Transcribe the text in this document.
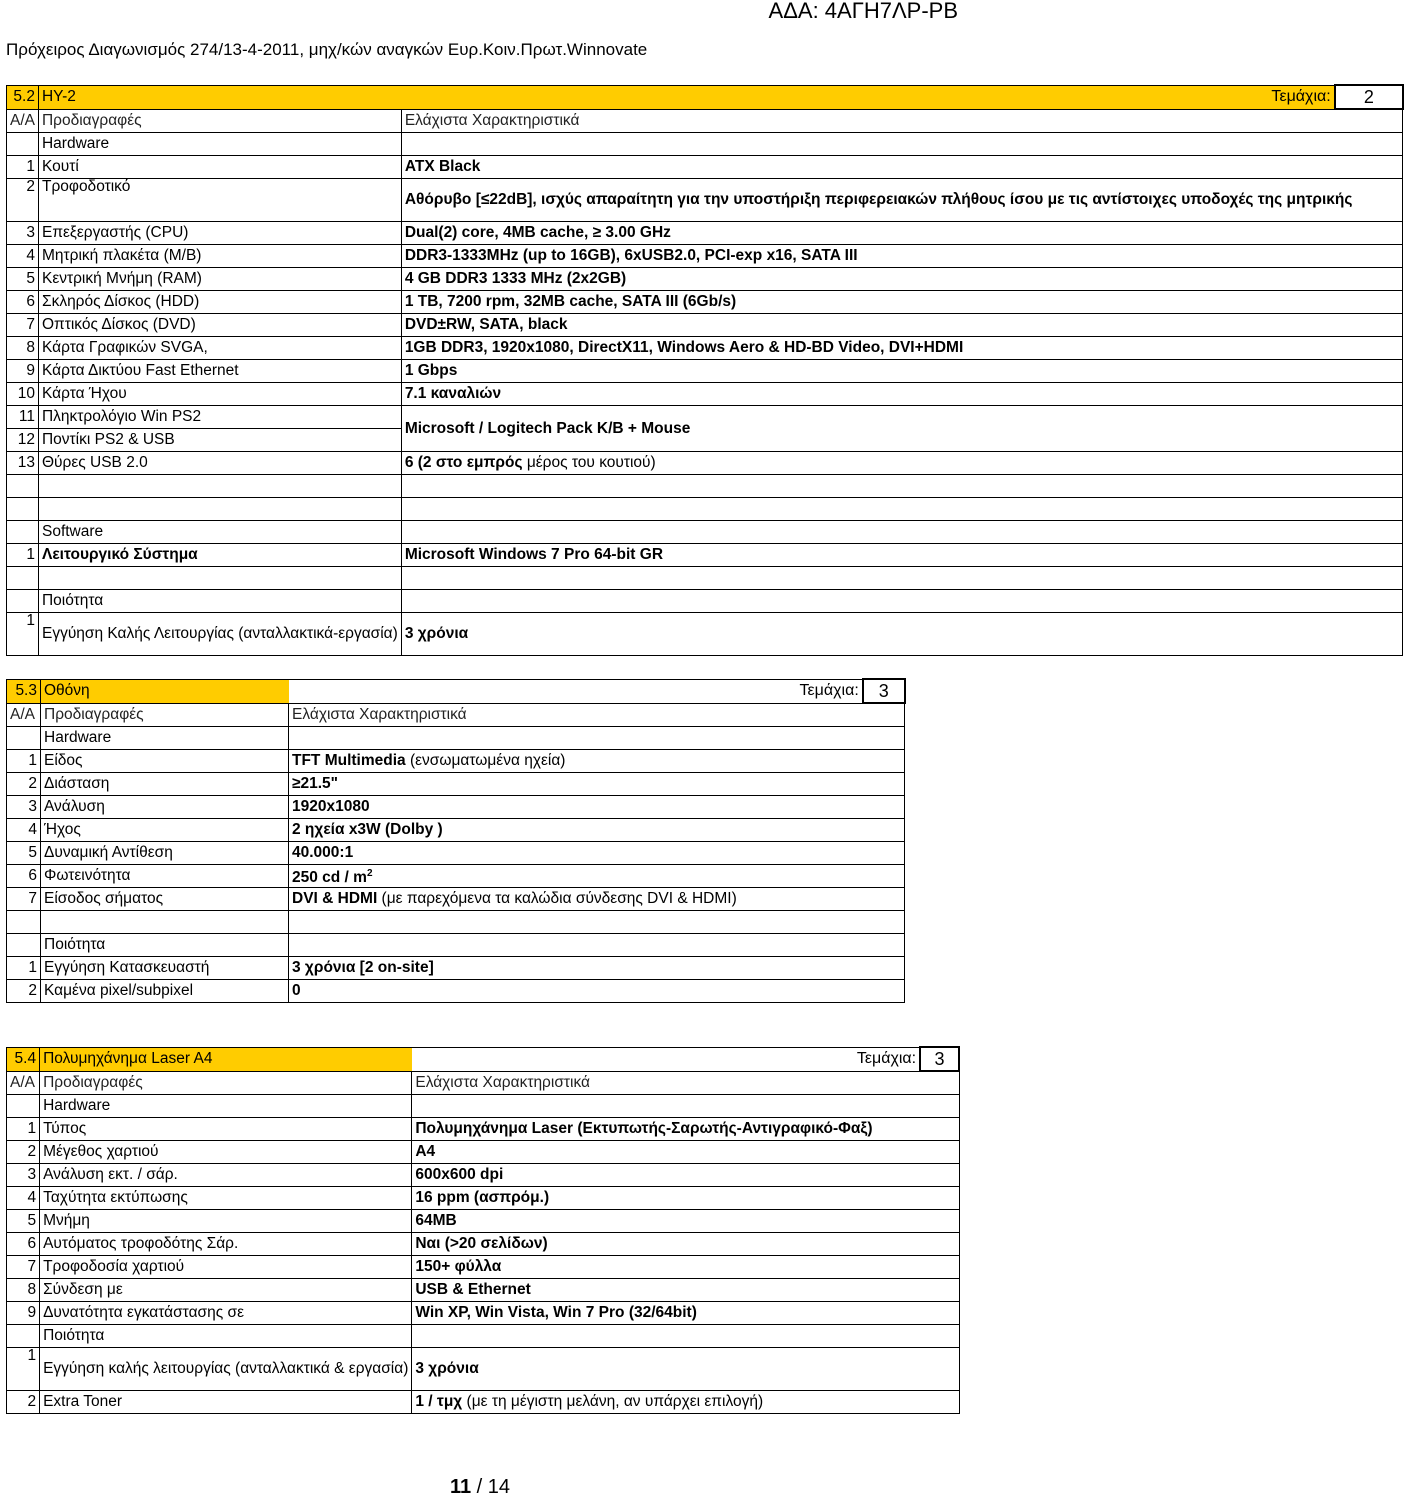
ΑΔΑ: 4ΑΓΗ7ΛΡ-ΡΒ
Πρόχειρος Διαγωνισμός 274/13-4-2011, μηχ/κών αναγκών Ευρ.Κοιν.Πρωτ.Winnovate
5.2	ΗΥ-2		Τεμάχια:	2
Α/Α	Προδιαγραφές	Ελάχιστα Χαρακτηριστικά		
	Hardware			
1	Κουτί	ATX Black		
2	Τροφοδοτικό	Αθόρυβο [≤22dB], ισχύς απαραίτητη για την υποστήριξη περιφερειακών πλήθους ίσου με τις αντίστοιχες υποδοχές της μητρικής		
3	Επεξεργαστής (CPU)	Dual(2) core, 4MB cache, ≥ 3.00 GHz		
4	Μητρική πλακέτα (M/B)	DDR3-1333MHz (up to 16GB), 6xUSB2.0, PCI-exp x16, SATA III		
5	Κεντρική Μνήμη (RAM)	4 GB DDR3 1333 MHz (2x2GB)		
6	Σκληρός Δίσκος (HDD)	1 TB, 7200 rpm, 32MB cache, SATA III (6Gb/s)		
7	Οπτικός Δίσκος (DVD)	DVD±RW, SATA, black		
8	Κάρτα Γραφικών SVGA,	1GB DDR3, 1920x1080, DirectX11, Windows Aero & HD-BD Video, DVI+HDMI		
9	Κάρτα Δικτύου Fast Ethernet	1 Gbps		
10	Κάρτα Ήχου	7.1 καναλιών		
11	Πληκτρολόγιο Win PS2	Microsoft / Logitech Pack K/B + Mouse		
12	Ποντίκι PS2 & USB			
13	Θύρες USB 2.0	6 (2 στο εμπρός μέρος του κουτιού)		

	Software			
1	Λειτουργικό Σύστημα	Microsoft Windows 7 Pro 64-bit GR		

	Ποιότητα			
1	Εγγύηση Καλής Λειτουργίας (ανταλλακτικά-εργασία)	3 χρόνια		
5.3	Οθόνη		Τεμάχια:	3
Α/Α	Προδιαγραφές	Ελάχιστα Χαρακτηριστικά		
	Hardware			
1	Είδος	TFT Multimedia (ενσωματωμένα ηχεία)		
2	Διάσταση	≥21.5"		
3	Ανάλυση	1920x1080		
4	Ήχος	2 ηχεία x3W (Dolby )		
5	Δυναμική Αντίθεση	40.000:1		
6	Φωτεινότητα	250 cd / $m^2$
7	Είσοδος σήματος	DVI & HDMI (με παρεχόμενα τα καλώδια σύνδεσης DVI & HDMI)		

	Ποιότητα			
1	Εγγύηση Κατασκευαστή	3 χρόνια [2 on-site]		
2	Καμένα pixel/subpixel	0		
5.4	Πολυμηχάνημα Laser A4		Τεμάχια:	3
Α/Α	Προδιαγραφές	Ελάχιστα Χαρακτηριστικά		
	Hardware			
1	Τύπος	Πολυμηχάνημα Laser (Εκτυπωτής-Σαρωτής-Αντιγραφικό-Φαξ)		
2	Μέγεθος χαρτιού	A4		
3	Ανάλυση εκτ. / σάρ.	600x600 dpi		
4	Ταχύτητα εκτύπωσης	16 ppm (ασπρόμ.)		
5	Μνήμη	64MB		
6	Αυτόματος τροφοδότης Σάρ.	Ναι (>20 σελίδων)		
7	Τροφοδοσία χαρτιού	150+ φύλλα		
8	Σύνδεση με	USB & Ethernet		
9	Δυνατότητα εγκατάστασης σε	Win XP, Win Vista, Win 7 Pro (32/64bit)		
	Ποιότητα			
1	Εγγύηση καλής λειτουργίας (ανταλλακτικά & εργασία)	3 χρόνια		
2	Extra Toner	1 / τμχ (με τη μέγιστη μελάνη, αν υπάρχει επιλογή)		
11 / 14
